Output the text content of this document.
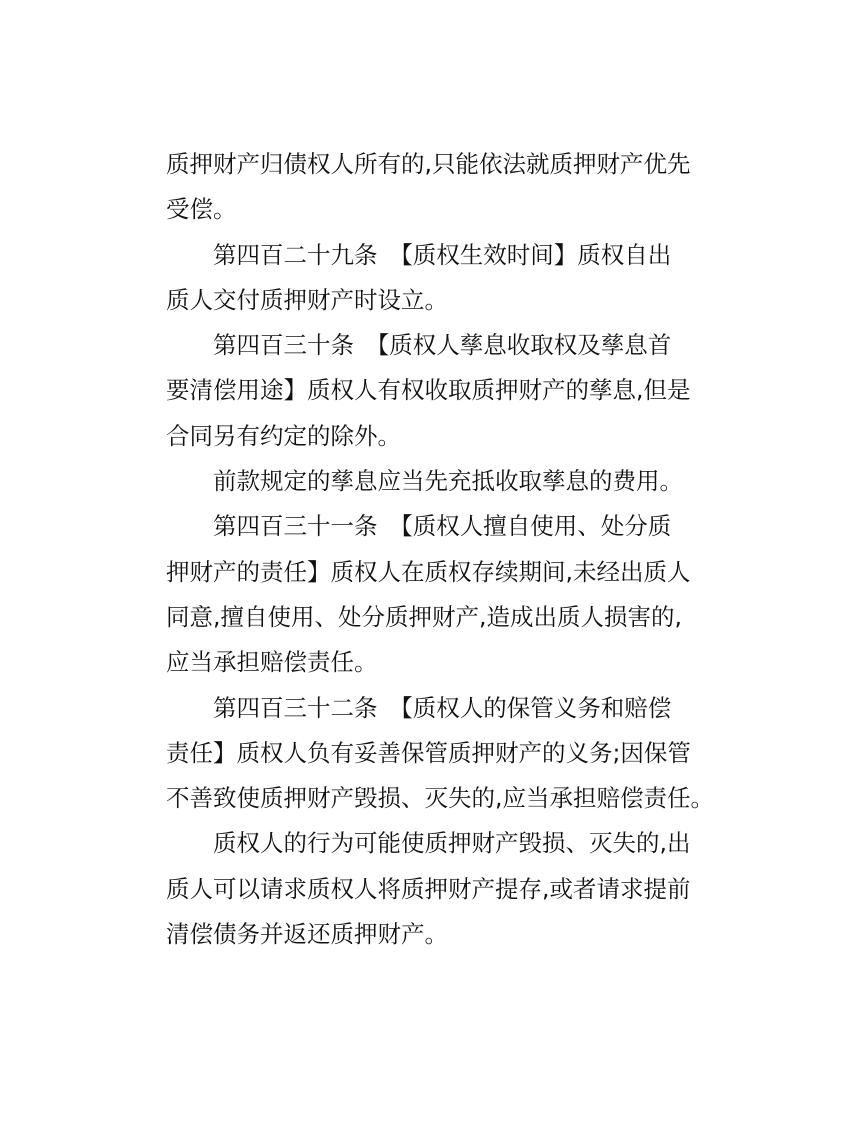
质押财产归债权人所有的,只能依法就质押财产优先
受偿。
第四百二十九条　【质权生效时间】质权自出
质人交付质押财产时设立。
第四百三十条　【质权人孳息收取权及孳息首
要清偿用途】质权人有权收取质押财产的孳息,但是
合同另有约定的除外。
前款规定的孳息应当先充抵收取孳息的费用。
第四百三十一条　【质权人擅自使用、处分质
押财产的责任】质权人在质权存续期间,未经出质人
同意,擅自使用、处分质押财产,造成出质人损害的,
应当承担赔偿责任。
第四百三十二条　【质权人的保管义务和赔偿
责任】质权人负有妥善保管质押财产的义务;因保管
不善致使质押财产毁损、灭失的,应当承担赔偿责任。
质权人的行为可能使质押财产毁损、灭失的,出
质人可以请求质权人将质押财产提存,或者请求提前
清偿债务并返还质押财产。
